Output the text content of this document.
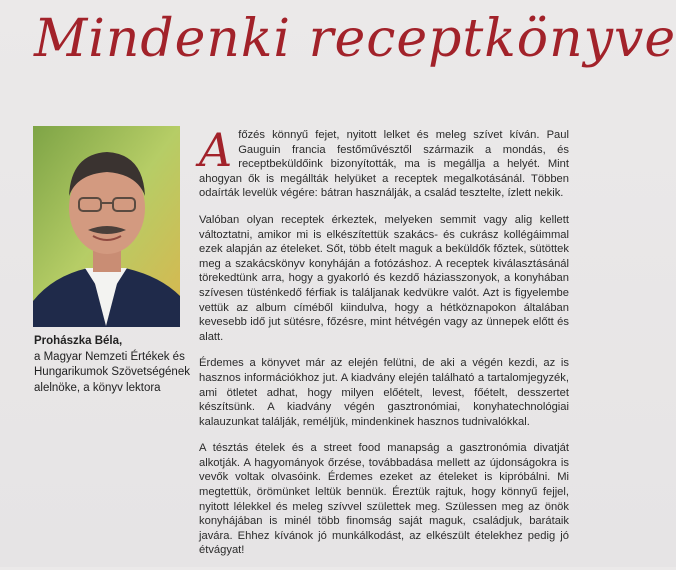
Mindenki receptkönyve
Prohászka Béla,
a Magyar Nemzeti Értékek és Hungarikumok Szövetségének alelnöke, a könyv lektora

A főzés könnyű fejet, nyitott lelket és meleg szívet kíván. Paul Gauguin francia festőművésztől származik a mondás, és receptbeküldőink bizonyították, ma is megállja a helyét. Mint ahogyan ők is megállták helyüket a receptek megalkotásánál. Többen odaírták levelük végére: bátran használják, a család tesztelte, ízlett nekik.

Valóban olyan receptek érkeztek, melyeken semmit vagy alig kellett változtatni, amikor mi is elkészítettük szakács- és cukrász kollégáimmal ezek alapján az ételeket. Sőt, több ételt maguk a beküldők főztek, sütöttek meg a szakácskönyv konyháján a fotózáshoz. A receptek kiválasztásánál törekedtünk arra, hogy a gyakorló és kezdő háziasszonyok, a konyhában szívesen tüsténkedő férfiak is találjanak kedvükre valót. Azt is figyelembe vettük az album címéből kiindulva, hogy a hétköznapokon általában kevesebb idő jut sütésre, főzésre, mint hétvégén vagy az ünnepek előtt és alatt.

Érdemes a könyvet már az elején felütni, de aki a végén kezdi, az is hasznos információkhoz jut. A kiadvány elején található a tartalomjegyzék, ami ötletet adhat, hogy milyen előételt, levest, főételt, desszertet készítsünk. A kiadvány végén gasztronómiai, konyhatechnológiai kalauzunkat találják, reméljük, mindenkinek hasznos tudnivalókkal.

A tésztás ételek és a street food manapság a gasztronómia divatját alkotják. A hagyományok őrzése, továbbadása mellett az újdonságokra is vevők voltak olvasóink. Érdemes ezeket az ételeket is kipróbálni. Mi megtettük, örömünket leltük bennük. Éreztük rajtuk, hogy könnyű fejjel, nyitott lélekkel és meleg szívvel születtek meg. Szülessen meg az önök konyhájában is minél több finomság saját maguk, családjuk, barátaik javára. Ehhez kívánok jó munkálkodást, az elkészült ételekhez pedig jó étvágyat!
